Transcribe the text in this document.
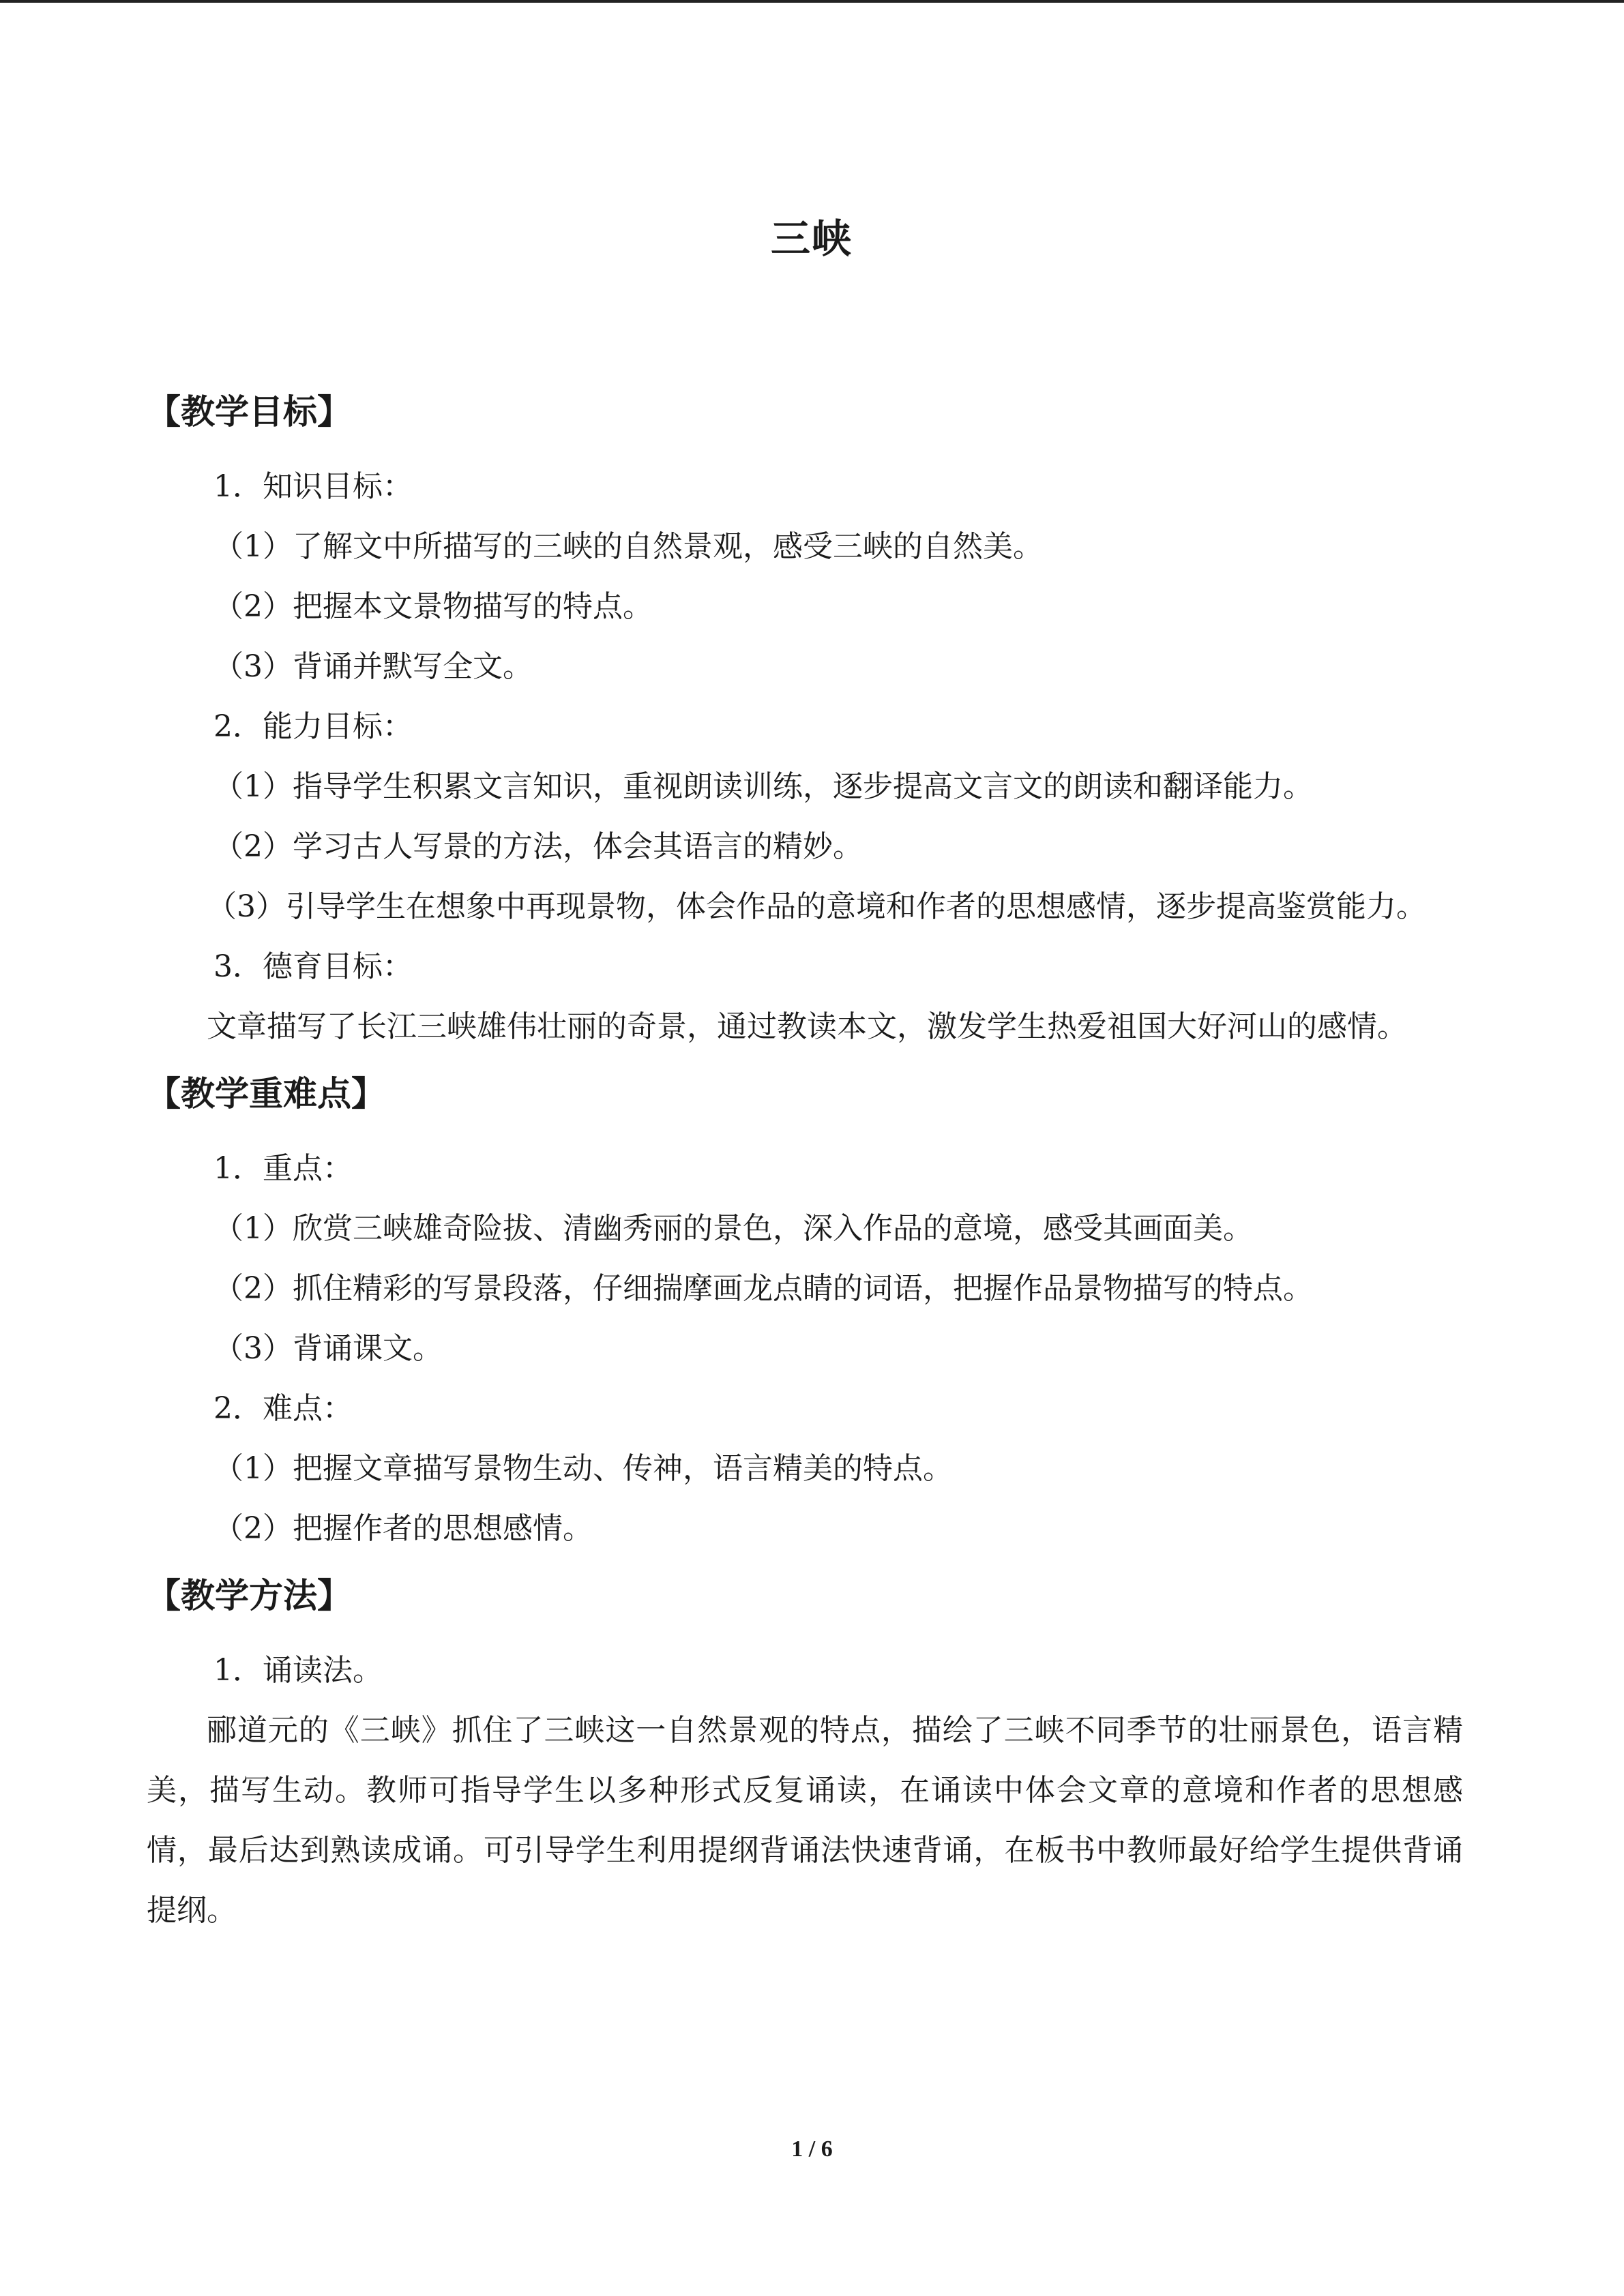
三峡
【教学目标】
1．知识目标：
（1）了解文中所描写的三峡的自然景观，感受三峡的自然美。
（2）把握本文景物描写的特点。
（3）背诵并默写全文。
2．能力目标：
（1）指导学生积累文言知识，重视朗读训练，逐步提高文言文的朗读和翻译能力。
（2）学习古人写景的方法，体会其语言的精妙。
（3）引导学生在想象中再现景物，体会作品的意境和作者的思想感情，逐步提高鉴赏能力。
3．德育目标：
文章描写了长江三峡雄伟壮丽的奇景，通过教读本文，激发学生热爱祖国大好河山的感情。
【教学重难点】
1．重点：
（1）欣赏三峡雄奇险拔、清幽秀丽的景色，深入作品的意境，感受其画面美。
（2）抓住精彩的写景段落，仔细揣摩画龙点睛的词语，把握作品景物描写的特点。
（3）背诵课文。
2．难点：
（1）把握文章描写景物生动、传神，语言精美的特点。
（2）把握作者的思想感情。
【教学方法】
1．诵读法。
郦道元的《三峡》抓住了三峡这一自然景观的特点，描绘了三峡不同季节的壮丽景色，语言精美，描写生动。教师可指导学生以多种形式反复诵读，在诵读中体会文章的意境和作者的思想感情，最后达到熟读成诵。可引导学生利用提纲背诵法快速背诵，在板书中教师最好给学生提供背诵提纲。
1 / 6
